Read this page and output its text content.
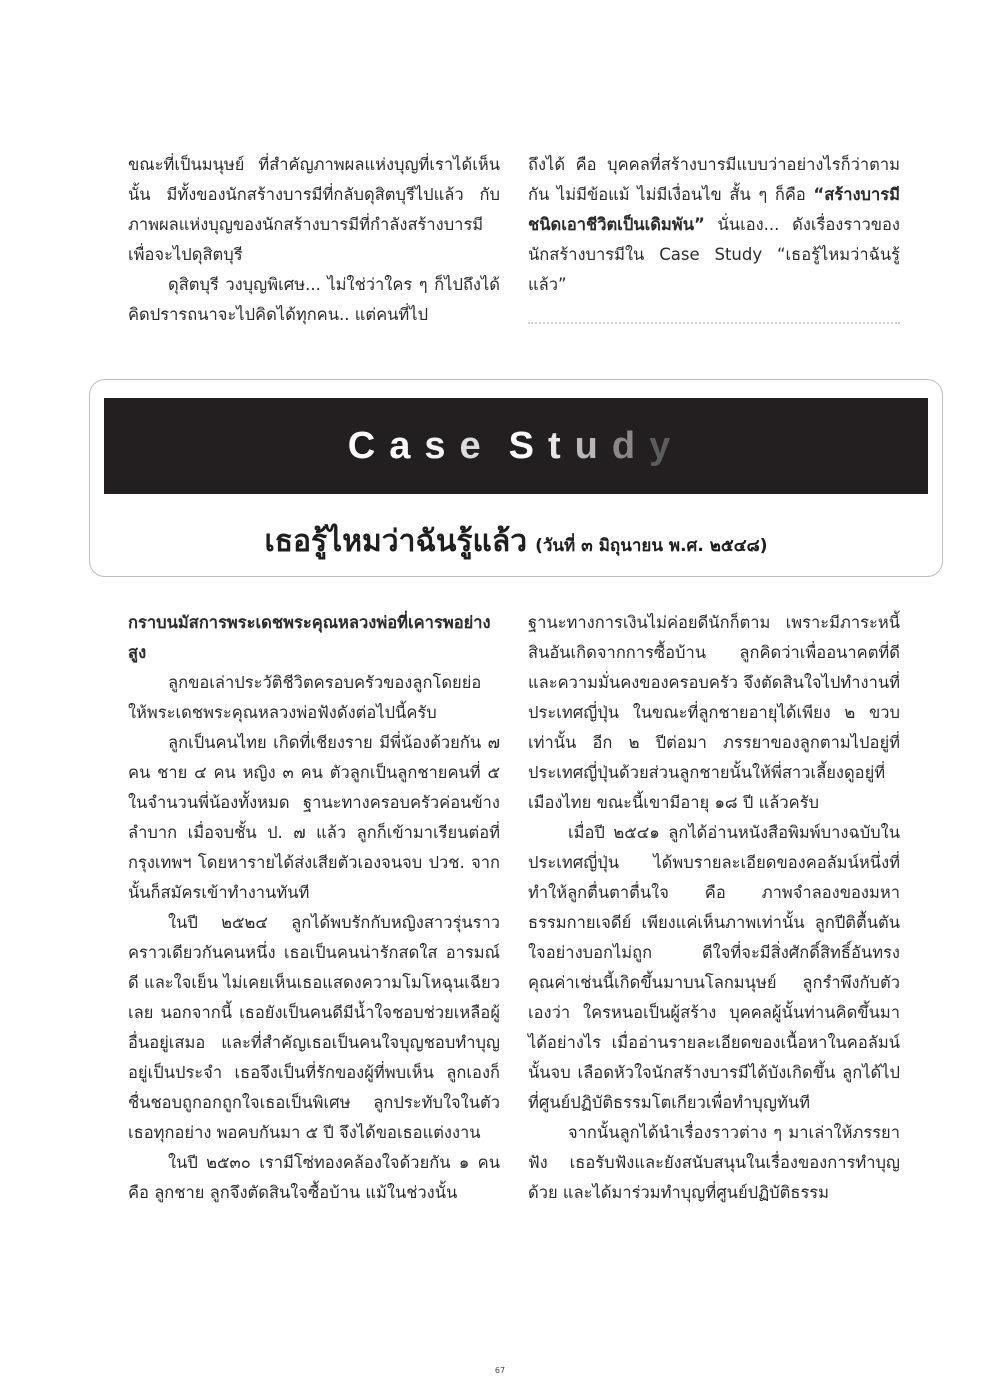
ขณะที่เป็นมนุษย์ ที่สำคัญภาพผลแห่งบุญที่เราได้เห็นนั้น มีทั้งของนักสร้างบารมีที่กลับดุสิตบุรีไปแล้ว กับภาพผลแห่งบุญของนักสร้างบารมีที่กำลังสร้างบารมีเพื่อจะไปดุสิตบุรี

ดุสิตบุรี วงบุญพิเศษ... ไม่ใช่ว่าใคร ๆ ก็ไปถึงได้ คิดปรารถนาจะไปคิดได้ทุกคน.. แต่คนที่ไป

ถึงได้ คือ บุคคลที่สร้างบารมีแบบว่าอย่างไรก็ว่าตามกัน ไม่มีข้อแม้ ไม่มีเงื่อนไข สั้น ๆ ก็คือ “สร้างบารมีชนิดเอาชีวิตเป็นเดิมพัน” นั่นเอง... ดังเรื่องราวของนักสร้างบารมีใน Case Study “เธอรู้ไหมว่าฉันรู้แล้ว”

Case Study
เธอรู้ไหมว่าฉันรู้แล้ว (วันที่ ๓ มิถุนายน พ.ศ. ๒๕๔๘)

กราบนมัสการพระเดชพระคุณหลวงพ่อที่เคารพอย่างสูง

ลูกขอเล่าประวัติชีวิตครอบครัวของลูกโดยย่อให้พระเดชพระคุณหลวงพ่อฟังดังต่อไปนี้ครับ

ลูกเป็นคนไทย เกิดที่เชียงราย มีพี่น้องด้วยกัน ๗ คน ชาย ๔ คน หญิง ๓ คน ตัวลูกเป็นลูกชายคนที่ ๕ ในจำนวนพี่น้องทั้งหมด ฐานะทางครอบครัวค่อนข้างลำบาก เมื่อจบชั้น ป. ๗ แล้ว ลูกก็เข้ามาเรียนต่อที่กรุงเทพฯ โดยหารายได้ส่งเสียตัวเองจนจบ ปวช. จากนั้นก็สมัครเข้าทำงานทันที

ในปี ๒๕๒๔ ลูกได้พบรักกับหญิงสาวรุ่นราวคราวเดียวกันคนหนึ่ง เธอเป็นคนน่ารักสดใส อารมณ์ดี และใจเย็น ไม่เคยเห็นเธอแสดงความโมโหฉุนเฉียวเลย นอกจากนี้ เธอยังเป็นคนดีมีน้ำใจชอบช่วยเหลือผู้อื่นอยู่เสมอ และที่สำคัญเธอเป็นคนใจบุญชอบทำบุญอยู่เป็นประจำ เธอจึงเป็นที่รักของผู้ที่พบเห็น ลูกเองก็ชื่นชอบถูกอกถูกใจเธอเป็นพิเศษ ลูกประทับใจในตัวเธอทุกอย่าง พอคบกันมา ๕ ปี จึงได้ขอเธอแต่งงาน

ในปี ๒๕๓๐ เรามีโซ่ทองคล้องใจด้วยกัน ๑ คน คือ ลูกชาย ลูกจึงตัดสินใจซื้อบ้าน แม้ในช่วงนั้น

ฐานะทางการเงินไม่ค่อยดีนักก็ตาม เพราะมีภาระหนี้สินอันเกิดจากการซื้อบ้าน ลูกคิดว่าเพื่ออนาคตที่ดีและความมั่นคงของครอบครัว จึงตัดสินใจไปทำงานที่ประเทศญี่ปุ่น ในขณะที่ลูกชายอายุได้เพียง ๒ ขวบเท่านั้น อีก ๒ ปีต่อมา ภรรยาของลูกตามไปอยู่ที่ประเทศญี่ปุ่นด้วยส่วนลูกชายนั้นให้พี่สาวเลี้ยงดูอยู่ที่เมืองไทย ขณะนี้เขามีอายุ ๑๘ ปี แล้วครับ

เมื่อปี ๒๕๔๑ ลูกได้อ่านหนังสือพิมพ์บางฉบับในประเทศญี่ปุ่น ได้พบรายละเอียดของคอลัมน์หนึ่งที่ทำให้ลูกตื่นตาตื่นใจ คือ ภาพจำลองของมหาธรรมกายเจดีย์ เพียงแค่เห็นภาพเท่านั้น ลูกปีติตื้นตันใจอย่างบอกไม่ถูก ดีใจที่จะมีสิ่งศักดิ์สิทธิ์อันทรงคุณค่าเช่นนี้เกิดขึ้นมาบนโลกมนุษย์ ลูกรำพึงกับตัวเองว่า ใครหนอเป็นผู้สร้าง บุคคลผู้นั้นท่านคิดขึ้นมาได้อย่างไร เมื่ออ่านรายละเอียดของเนื้อหาในคอลัมน์นั้นจบ เลือดหัวใจนักสร้างบารมีได้บังเกิดขึ้น ลูกได้ไปที่ศูนย์ปฏิบัติธรรมโตเกียวเพื่อทำบุญทันที

จากนั้นลูกได้นำเรื่องราวต่าง ๆ มาเล่าให้ภรรยาฟัง เธอรับฟังและยังสนับสนุนในเรื่องของการทำบุญด้วย และได้มาร่วมทำบุญที่ศูนย์ปฏิบัติธรรม

67
